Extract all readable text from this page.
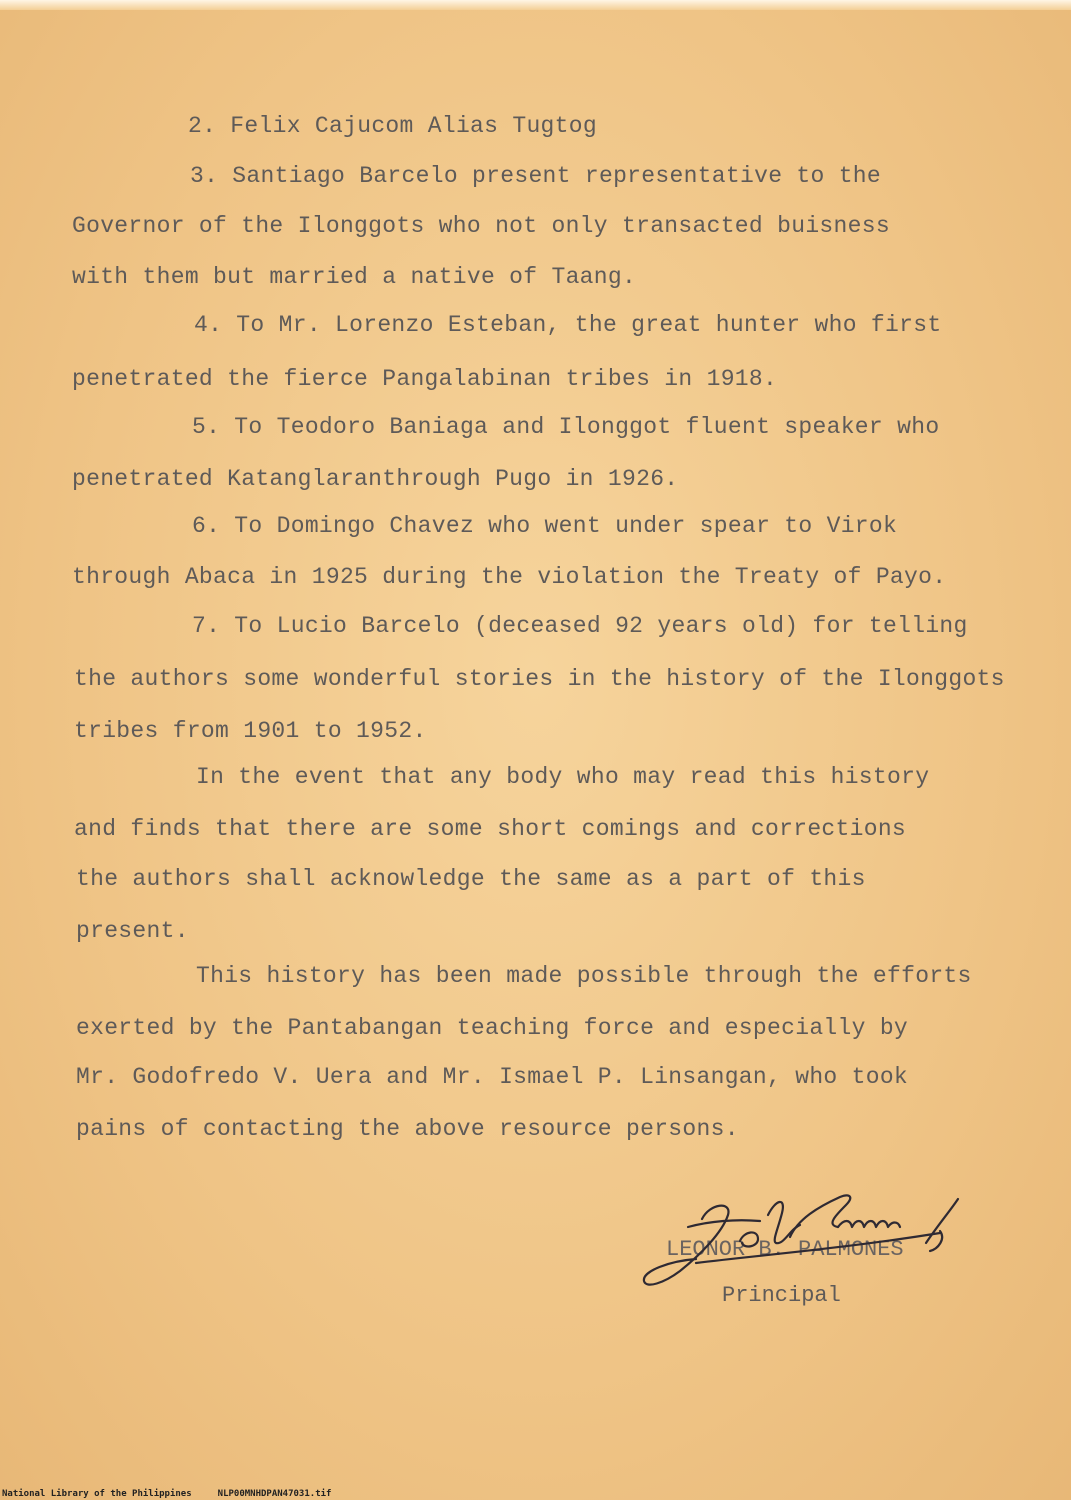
2. Felix Cajucom Alias Tugtog
3. Santiago Barcelo present representative to the
Governor of the Ilonggots who not only transacted buisness
with them but married a native of Taang.
4. To Mr. Lorenzo Esteban, the great hunter who first
penetrated the fierce Pangalabinan tribes in 1918.
5. To Teodoro Baniaga and Ilonggot fluent speaker who
penetrated Katanglaranthrough Pugo in 1926.
6. To Domingo Chavez who went under spear to Virok
through Abaca in 1925 during the violation the Treaty of Payo.
7. To Lucio Barcelo (deceased 92 years old) for telling
the authors some wonderful stories in the history of the Ilonggots
tribes from 1901 to 1952.
In the event that any body who may read this history
and finds that there are some short comings and corrections
the authors shall acknowledge the same as a part of this
present.
This history has been made possible through the efforts
exerted by the Pantabangan teaching force and especially by
Mr. Godofredo V. Uera and Mr. Ismael P. Linsangan, who took
pains of contacting the above resource persons.
LEONOR B. PALMONES
Principal
National Library of the Philippines	NLP00MNHDPAN47031.tif
